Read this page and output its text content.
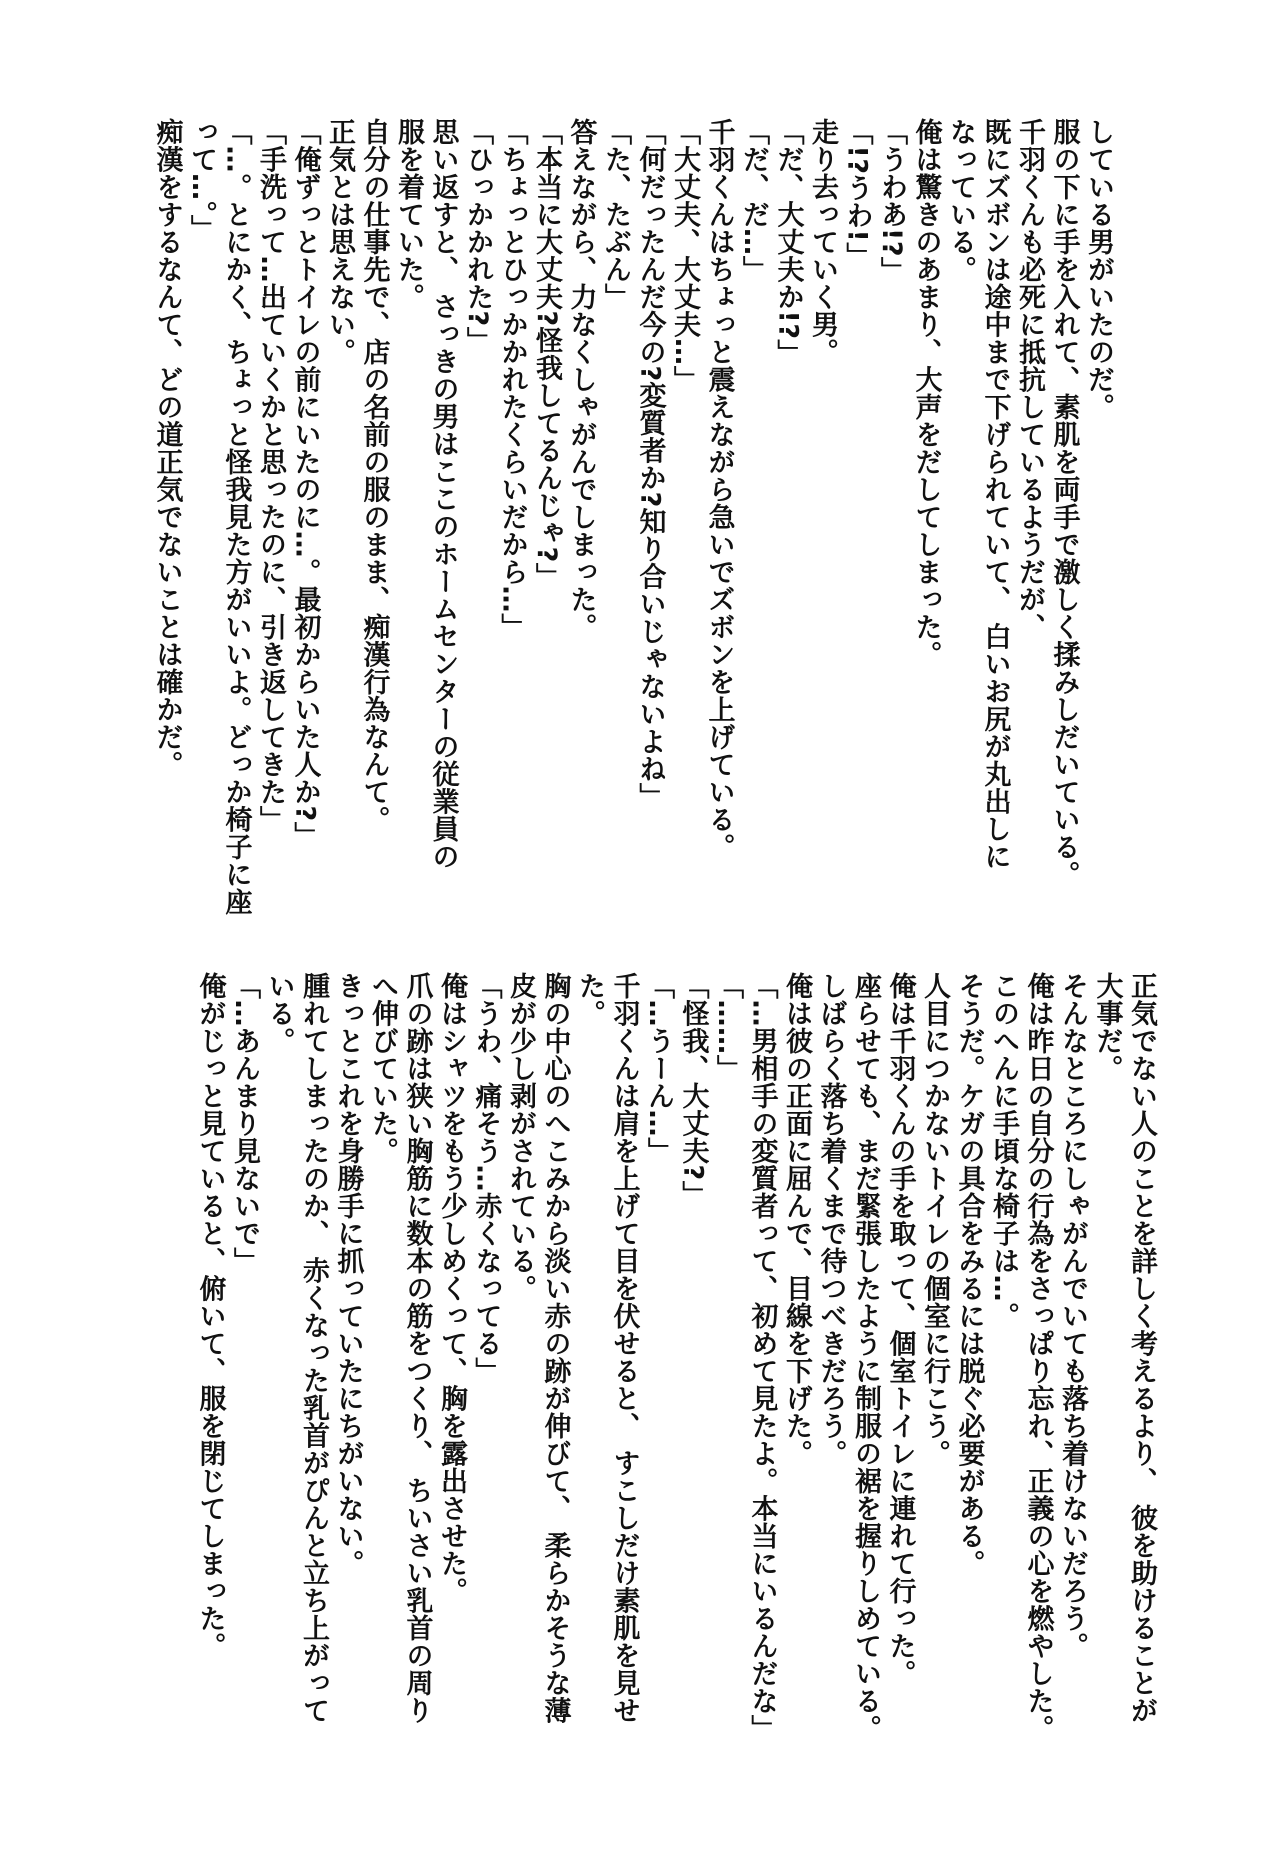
している男がいたのだ。
服の下に手を入れて、素肌を両手で激しく揉みしだいている。
千羽くんも必死に抵抗しているようだが、
既にズボンは途中まで下げられていて、 白いお尻が丸出しに
なっている。
俺は驚きのあまり、大声をだしてしまった。
「うわあ!?」
「!?うわ!」
走り去っていく男。
「だ、大丈夫か!?」
「だ、だ…」
千羽くんはちょっと震えながら急いでズボンを上げている。
「大丈夫、大丈夫…」
「何だったんだ今の?変質者か?知り合いじゃないよね」
「た、たぶん」
答えながら、力なくしゃがんでしまった。
「本当に大丈夫?怪我してるんじゃ?」
「ちょっとひっかかれたくらいだから…」
「ひっかかれた?」
思い返すと、 さっきの男はここのホームセンターの従業員の
服を着ていた。
自分の仕事先で、店の名前の服のまま、痴漢行為なんて。
正気とは思えない。
「俺ずっとトイレの前にいたのに…。最初からいた人か?」
「手洗って…出ていくかと思ったのに、引き返してきた」
「…。とにかく、ちょっと怪我見た方がいいよ。どっか椅子に座
って…。」
痴漢をするなんて、どの道正気でないことは確かだ。
正気でない人のことを詳しく考えるより、 彼を助けることが
大事だ。
そんなところにしゃがんでいても落ち着けないだろう。
俺は昨日の自分の行為をさっぱり忘れ、正義の心を燃やした。
このへんに手頃な椅子は…。
そうだ。ケガの具合をみるには脱ぐ必要がある。
人目につかないトイレの個室に行こう。
俺は千羽くんの手を取って、個室トイレに連れて行った。
座らせても、まだ緊張したように制服の裾を握りしめている。
しばらく落ち着くまで待つべきだろう。
俺は彼の正面に屈んで、目線を下げた。
「…男相手の変質者って、初めて見たよ。本当にいるんだな」
「……」
「怪我、大丈夫?」
「…うーん…」
千羽くんは肩を上げて目を伏せると、 すこしだけ素肌を見せ
た。
胸の中心のへこみから淡い赤の跡が伸びて、 柔らかそうな薄
皮が少し剥がされている。
「うわ、痛そう…赤くなってる」
俺はシャツをもう少しめくって、胸を露出させた。
爪の跡は狭い胸筋に数本の筋をつくり、 ちいさい乳首の周り
へ伸びていた。
きっとこれを身勝手に抓っていたにちがいない。
腫れてしまったのか、 赤くなった乳首がぴんと立ち上がって
いる。
「…あんまり見ないで」
俺がじっと見ていると、俯いて、服を閉じてしまった。
